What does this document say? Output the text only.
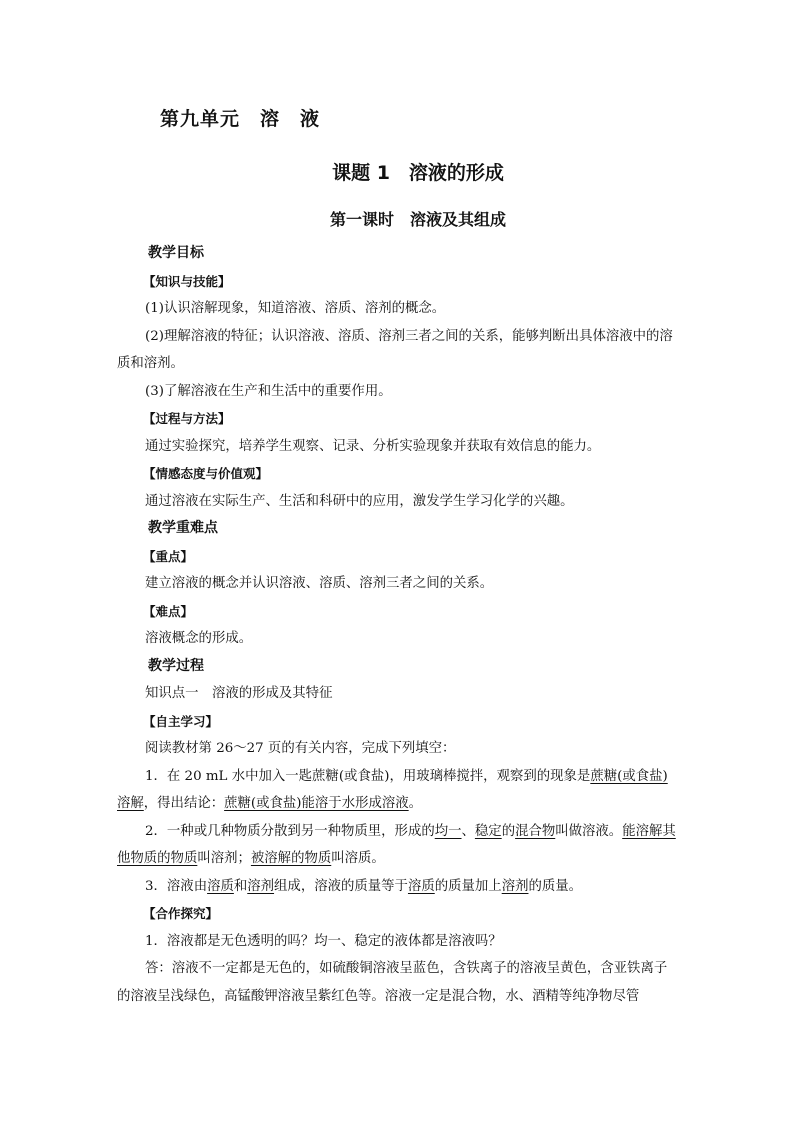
第九单元　溶　液
课题 1　溶液的形成
第一课时　溶液及其组成

教学目标

【知识与技能】

(1)认识溶解现象，知道溶液、溶质、溶剂的概念。

(2)理解溶液的特征；认识溶液、溶质、溶剂三者之间的关系，能够判断出具体溶液中的溶质和溶剂。

(3)了解溶液在生产和生活中的重要作用。

【过程与方法】

通过实验探究，培养学生观察、记录、分析实验现象并获取有效信息的能力。

【情感态度与价值观】

通过溶液在实际生产、生活和科研中的应用，激发学生学习化学的兴趣。

教学重难点

【重点】

建立溶液的概念并认识溶液、溶质、溶剂三者之间的关系。

【难点】

溶液概念的形成。

教学过程

知识点一　溶液的形成及其特征

【自主学习】

阅读教材第 26～27 页的有关内容，完成下列填空：

1．在 20 mL 水中加入一匙蔗糖(或食盐)，用玻璃棒搅拌，观察到的现象是蔗糖(或食盐)溶解，得出结论：蔗糖(或食盐)能溶于水形成溶液。

2．一种或几种物质分散到另一种物质里，形成的均一、稳定的混合物叫做溶液。能溶解其他物质的物质叫溶剂；被溶解的物质叫溶质。

3．溶液由溶质和溶剂组成，溶液的质量等于溶质的质量加上溶剂的质量。

【合作探究】

1．溶液都是无色透明的吗？均一、稳定的液体都是溶液吗？

答：溶液不一定都是无色的，如硫酸铜溶液呈蓝色，含铁离子的溶液呈黄色，含亚铁离子的溶液呈浅绿色，高锰酸钾溶液呈紫红色等。溶液一定是混合物，水、酒精等纯净物尽管
